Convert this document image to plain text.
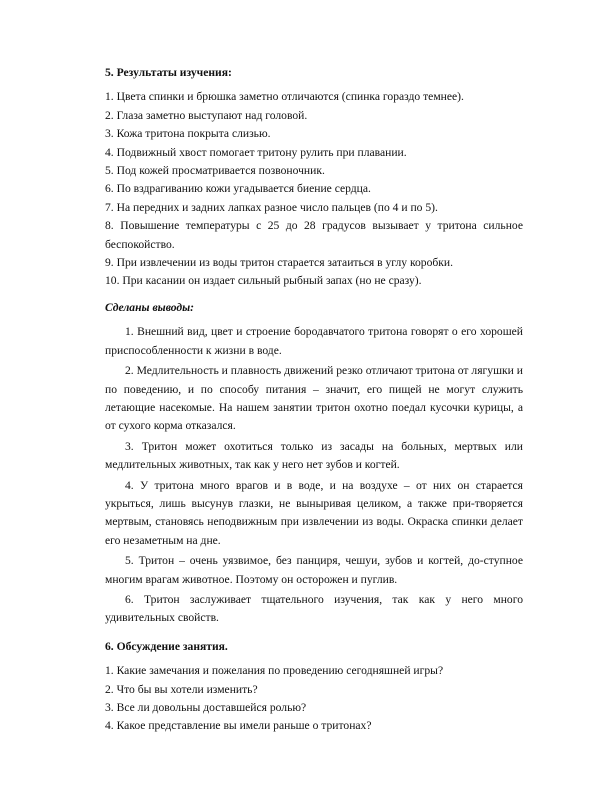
5. Результаты изучения:

1. Цвета спинки и брюшка заметно отличаются (спинка гораздо темнее).

2. Глаза заметно выступают над головой.

3. Кожа тритона покрыта слизью.

4. Подвижный хвост помогает тритону рулить при плавании.

5. Под кожей просматривается позвоночник.

6. По вздрагиванию кожи угадывается биение сердца.

7. На передних и задних лапках разное число пальцев (по 4 и по 5).

8. Повышение температуры с 25 до 28 градусов вызывает у тритона сильное беспокойство.

9. При извлечении из воды тритон старается затаиться в углу коробки.

10. При касании он издает сильный рыбный запах (но не сразу).

Сделаны выводы:

1. Внешний вид, цвет и строение бородавчатого тритона говорят о его хорошей приспособленности к жизни в воде.

2. Медлительность и плавность движений резко отличают тритона от лягушки и по поведению, и по способу питания – значит, его пищей не могут служить летающие насекомые. На нашем занятии тритон охотно поедал кусочки курицы, а от сухого корма отказался.

3. Тритон может охотиться только из засады на больных, мертвых или медлительных животных, так как у него нет зубов и когтей.

4. У тритона много врагов и в воде, и на воздухе – от них он старается укрыться, лишь высунув глазки, не выныривая целиком, а также при-творяется мертвым, становясь неподвижным при извлечении из воды. Окраска спинки делает его незаметным на дне.

5. Тритон – очень уязвимое, без панциря, чешуи, зубов и когтей, до-ступное многим врагам животное. Поэтому он осторожен и пуглив.

6. Тритон заслуживает тщательного изучения, так как у него много удивительных свойств.

6. Обсуждение занятия.

1. Какие замечания и пожелания по проведению сегодняшней игры?

2. Что бы вы хотели изменить?

3. Все ли довольны доставшейся ролью?

4. Какое представление вы имели раньше о тритонах?
